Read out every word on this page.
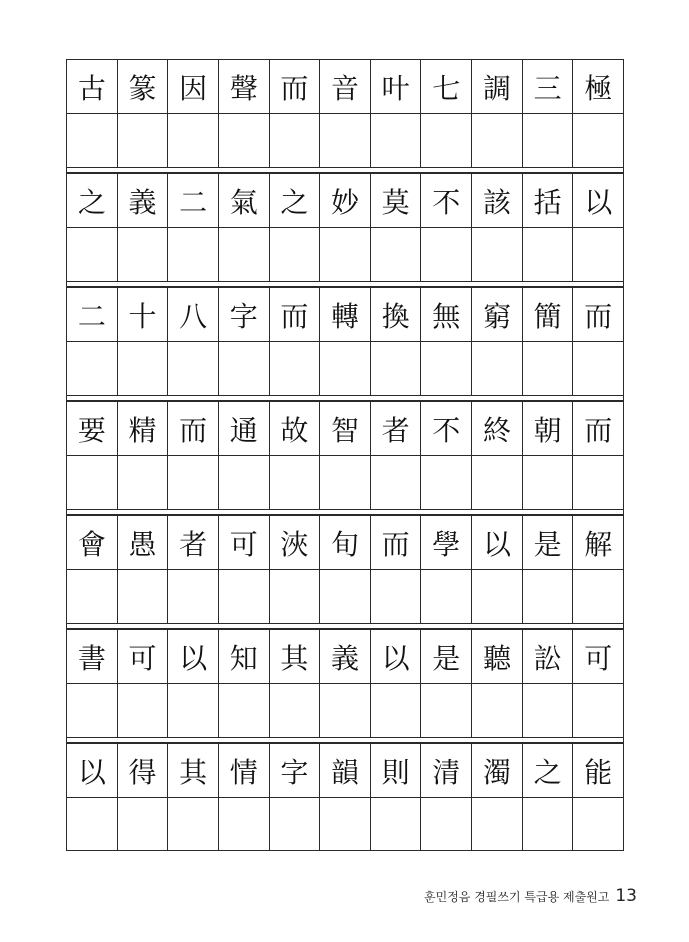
古 篆 因 聲 而 音 叶 七 調 三 極
之 義 二 氣 之 妙 莫 不 該 括 以
二 十 八 字 而 轉 換 無 窮 簡 而
要 精 而 通 故 智 者 不 終 朝 而
會 愚 者 可 浹 旬 而 學 以 是 解
書 可 以 知 其 義 以 是 聽 訟 可
以 得 其 情 字 韻 則 清 濁 之 能
훈민정음 경필쓰기 특급용 제출원고 13
